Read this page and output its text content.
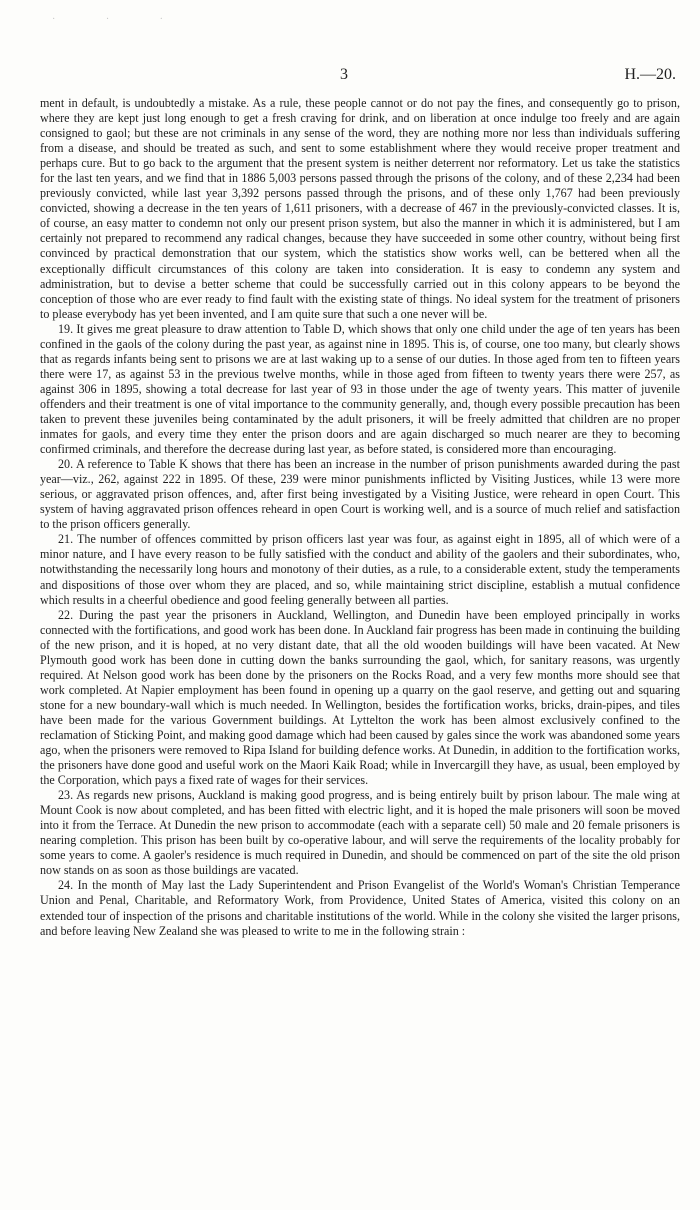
· · ·
3	H.—20.

ment in default, is undoubtedly a mistake. As a rule, these people cannot or do not pay the fines, and consequently go to prison, where they are kept just long enough to get a fresh craving for drink, and on liberation at once indulge too freely and are again consigned to gaol; but these are not criminals in any sense of the word, they are nothing more nor less than individuals suffering from a disease, and should be treated as such, and sent to some establishment where they would receive proper treatment and perhaps cure. But to go back to the argument that the present system is neither deterrent nor reformatory. Let us take the statistics for the last ten years, and we find that in 1886 5,003 persons passed through the prisons of the colony, and of these 2,234 had been previously convicted, while last year 3,392 persons passed through the prisons, and of these only 1,767 had been previously convicted, showing a decrease in the ten years of 1,611 prisoners, with a decrease of 467 in the previously-convicted classes. It is, of course, an easy matter to condemn not only our present prison system, but also the manner in which it is administered, but I am certainly not prepared to recommend any radical changes, because they have succeeded in some other country, without being first convinced by practical demonstration that our system, which the statistics show works well, can be bettered when all the exceptionally difficult circumstances of this colony are taken into consideration. It is easy to condemn any system and administration, but to devise a better scheme that could be successfully carried out in this colony appears to be beyond the conception of those who are ever ready to find fault with the existing state of things. No ideal system for the treatment of prisoners to please everybody has yet been invented, and I am quite sure that such a one never will be.

19. It gives me great pleasure to draw attention to Table D, which shows that only one child under the age of ten years has been confined in the gaols of the colony during the past year, as against nine in 1895. This is, of course, one too many, but clearly shows that as regards infants being sent to prisons we are at last waking up to a sense of our duties. In those aged from ten to fifteen years there were 17, as against 53 in the previous twelve months, while in those aged from fifteen to twenty years there were 257, as against 306 in 1895, showing a total decrease for last year of 93 in those under the age of twenty years. This matter of juvenile offenders and their treatment is one of vital importance to the community generally, and, though every possible precaution has been taken to prevent these juveniles being contaminated by the adult prisoners, it will be freely admitted that children are no proper inmates for gaols, and every time they enter the prison doors and are again discharged so much nearer are they to becoming confirmed criminals, and therefore the decrease during last year, as before stated, is considered more than encouraging.

20. A reference to Table K shows that there has been an increase in the number of prison punishments awarded during the past year—viz., 262, against 222 in 1895. Of these, 239 were minor punishments inflicted by Visiting Justices, while 13 were more serious, or aggravated prison offences, and, after first being investigated by a Visiting Justice, were reheard in open Court. This system of having aggravated prison offences reheard in open Court is working well, and is a source of much relief and satisfaction to the prison officers generally.

21. The number of offences committed by prison officers last year was four, as against eight in 1895, all of which were of a minor nature, and I have every reason to be fully satisfied with the conduct and ability of the gaolers and their subordinates, who, notwithstanding the necessarily long hours and monotony of their duties, as a rule, to a considerable extent, study the temperaments and dispositions of those over whom they are placed, and so, while maintaining strict discipline, establish a mutual confidence which results in a cheerful obedience and good feeling generally between all parties.

22. During the past year the prisoners in Auckland, Wellington, and Dunedin have been employed principally in works connected with the fortifications, and good work has been done. In Auckland fair progress has been made in continuing the building of the new prison, and it is hoped, at no very distant date, that all the old wooden buildings will have been vacated. At New Plymouth good work has been done in cutting down the banks surrounding the gaol, which, for sanitary reasons, was urgently required. At Nelson good work has been done by the prisoners on the Rocks Road, and a very few months more should see that work completed. At Napier employment has been found in opening up a quarry on the gaol reserve, and getting out and squaring stone for a new boundary-wall which is much needed. In Wellington, besides the fortification works, bricks, drain-pipes, and tiles have been made for the various Government buildings. At Lyttelton the work has been almost exclusively confined to the reclamation of Sticking Point, and making good damage which had been caused by gales since the work was abandoned some years ago, when the prisoners were removed to Ripa Island for building defence works. At Dunedin, in addition to the fortification works, the prisoners have done good and useful work on the Maori Kaik Road; while in Invercargill they have, as usual, been employed by the Corporation, which pays a fixed rate of wages for their services.

23. As regards new prisons, Auckland is making good progress, and is being entirely built by prison labour. The male wing at Mount Cook is now about completed, and has been fitted with electric light, and it is hoped the male prisoners will soon be moved into it from the Terrace. At Dunedin the new prison to accommodate (each with a separate cell) 50 male and 20 female prisoners is nearing completion. This prison has been built by co-operative labour, and will serve the requirements of the locality probably for some years to come. A gaoler's residence is much required in Dunedin, and should be commenced on part of the site the old prison now stands on as soon as those buildings are vacated.

24. In the month of May last the Lady Superintendent and Prison Evangelist of the World's Woman's Christian Temperance Union and Penal, Charitable, and Reformatory Work, from Providence, United States of America, visited this colony on an extended tour of inspection of the prisons and charitable institutions of the world. While in the colony she visited the larger prisons, and before leaving New Zealand she was pleased to write to me in the following strain :
